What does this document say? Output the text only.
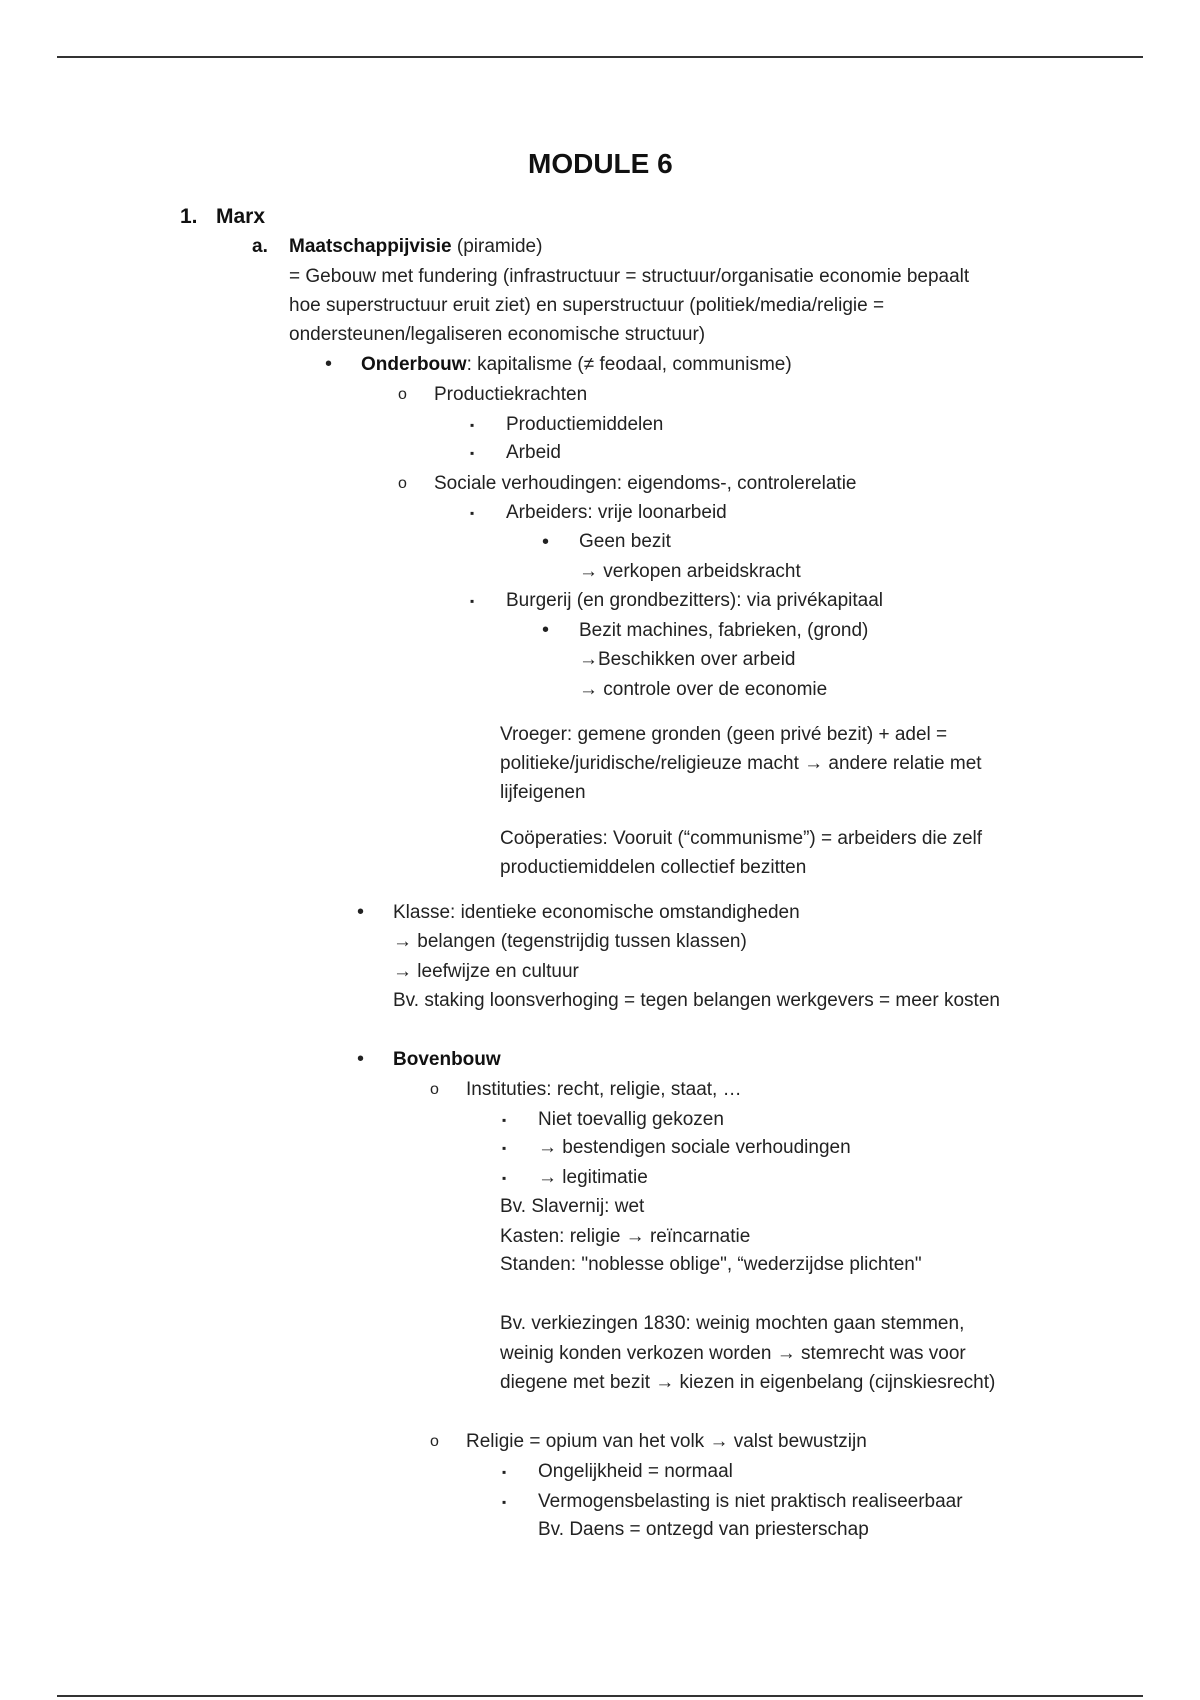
MODULE 6
1. Marx
a. Maatschappijvisie (piramide)
= Gebouw met fundering (infrastructuur = structuur/organisatie economie bepaalt
hoe superstructuur eruit ziet) en superstructuur (politiek/media/religie =
ondersteunen/legaliseren economische structuur)
• Onderbouw: kapitalisme (≠ feodaal, communisme)
o Productiekrachten
▪ Productiemiddelen
▪ Arbeid
o Sociale verhoudingen: eigendoms-, controlerelatie
▪ Arbeiders: vrije loonarbeid
• Geen bezit
→ verkopen arbeidskracht
▪ Burgerij (en grondbezitters): via privékapitaal
• Bezit machines, fabrieken, (grond)
→Beschikken over arbeid
→ controle over de economie
Vroeger: gemene gronden (geen privé bezit) + adel =
politieke/juridische/religieuze macht → andere relatie met
lijfeigenen
Coöperaties: Vooruit (“communisme”) = arbeiders die zelf
productiemiddelen collectief bezitten
• Klasse: identieke economische omstandigheden
→ belangen (tegenstrijdig tussen klassen)
→ leefwijze en cultuur
Bv. staking loonsverhoging = tegen belangen werkgevers = meer kosten
• Bovenbouw
o Instituties: recht, religie, staat, …
▪ Niet toevallig gekozen
▪ → bestendigen sociale verhoudingen
▪ → legitimatie
Bv. Slavernij: wet
Kasten: religie → reïncarnatie
Standen: "noblesse oblige", “wederzijdse plichten"
Bv. verkiezingen 1830: weinig mochten gaan stemmen,
weinig konden verkozen worden → stemrecht was voor
diegene met bezit → kiezen in eigenbelang (cijnskiesrecht)
o Religie = opium van het volk → valst bewustzijn
▪ Ongelijkheid = normaal
▪ Vermogensbelasting is niet praktisch realiseerbaar
Bv. Daens = ontzegd van priesterschap
